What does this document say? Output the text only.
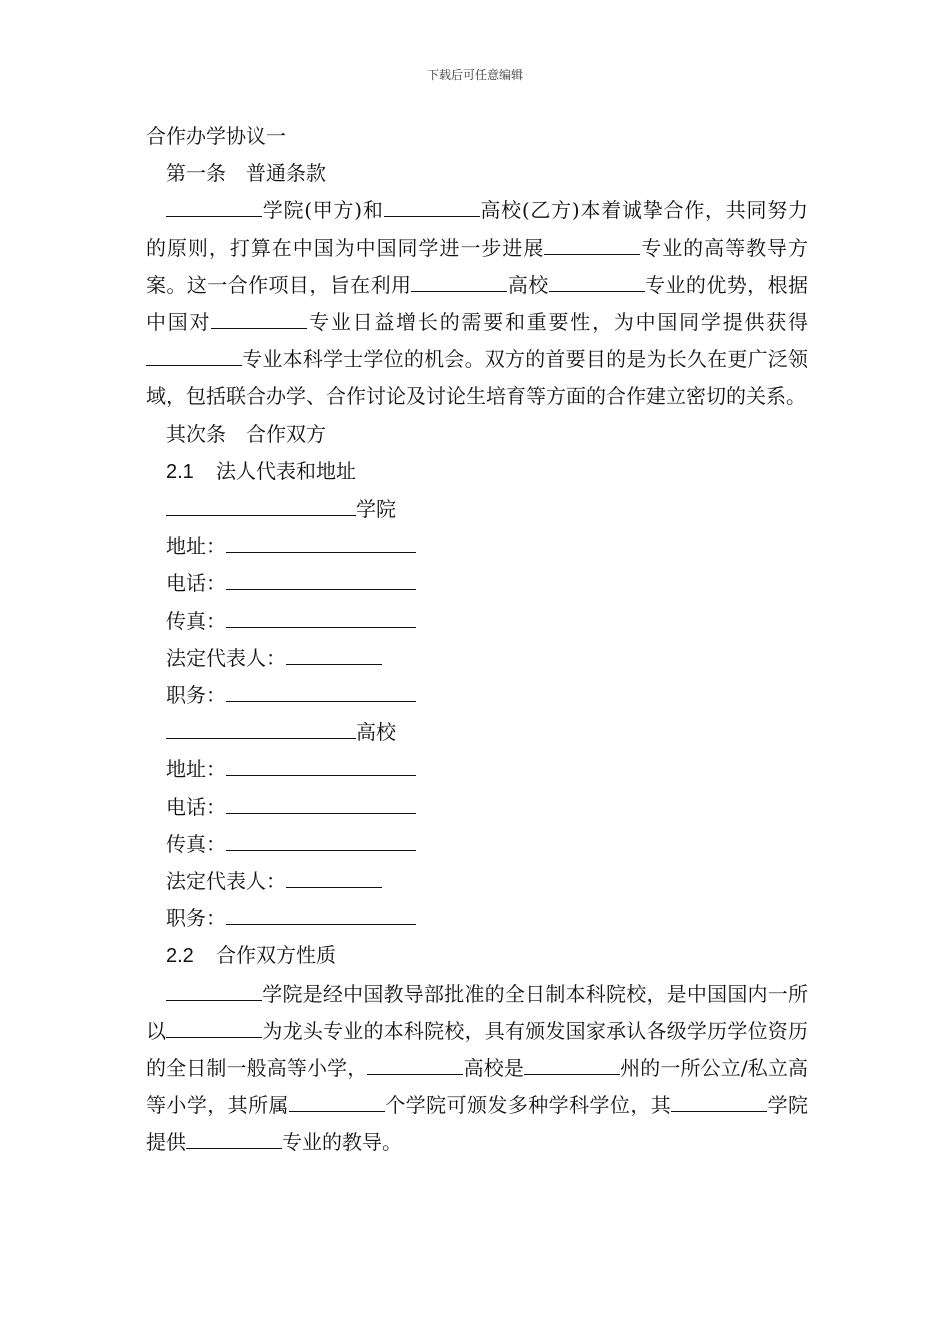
下载后可任意编辑
合作办学协议一
第一条 普通条款
学院(甲方)和	高校(乙方)本着诚挚合作，共同努力的原则，打算在中国为中国同学进一步进展	专业的高等教导方案。这一合作项目，旨在利用	高校	专业的优势，根据中国对	专业日益增长的需要和重要性，为中国同学提供获得专业本科学士学位的机会。双方的首要目的是为长久在更广泛领域，包括联合办学、合作讨论及讨论生培育等方面的合作建立密切的关系。
其次条 合作双方
2.1 法人代表和地址
学院
地址：
电话：
传真：
法定代表人：
职务：
高校
地址：
电话：
传真：
法定代表人：
职务：
2.2 合作双方性质
学院是经中国教导部批准的全日制本科院校，是中国国内一所以	为龙头专业的本科院校，具有颁发国家承认各级学历学位资历的全日制一般高等小学，	高校是	州的一所公立/私立高等小学，其所属	个学院可颁发多种学科学位，其	学院提供	专业的教导。
